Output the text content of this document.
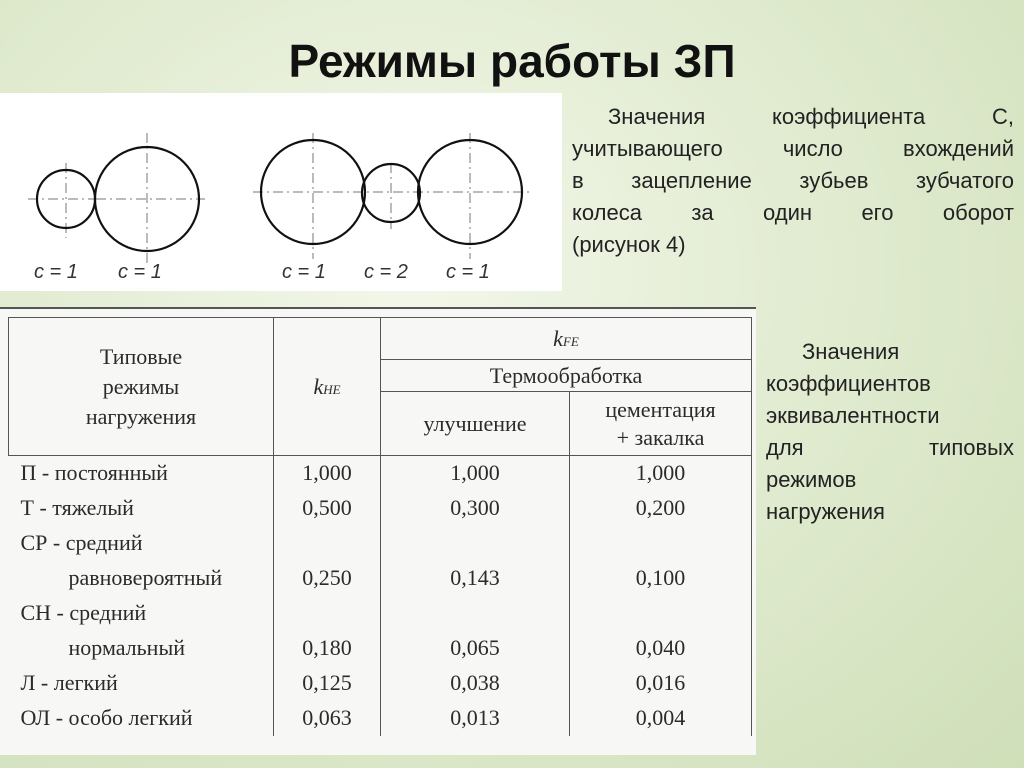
Режимы работы ЗП
c = 1 c = 1	c = 1 c = 2 c = 1
Значения коэффициента С,
учитывающего число вхождений
в зацепление зубьев зубчатого
колеса за один его оборот
(рисунок 4)
Значения
коэффициентов
эквивалентности
для типовых
режимов
нагружения
Типовые
режимы
нагружения	kHE	kFE	
		Термообработка	
		улучшение	цементация
+ закалка

П - постоянный	1,000	1,000	1,000
Т - тяжелый	0,500	0,300	0,200
СР - средний			
равновероятный	0,250	0,143	0,100
СН - средний			
нормальный	0,180	0,065	0,040
Л - легкий	0,125	0,038	0,016
ОЛ - особо легкий	0,063	0,013	0,004
